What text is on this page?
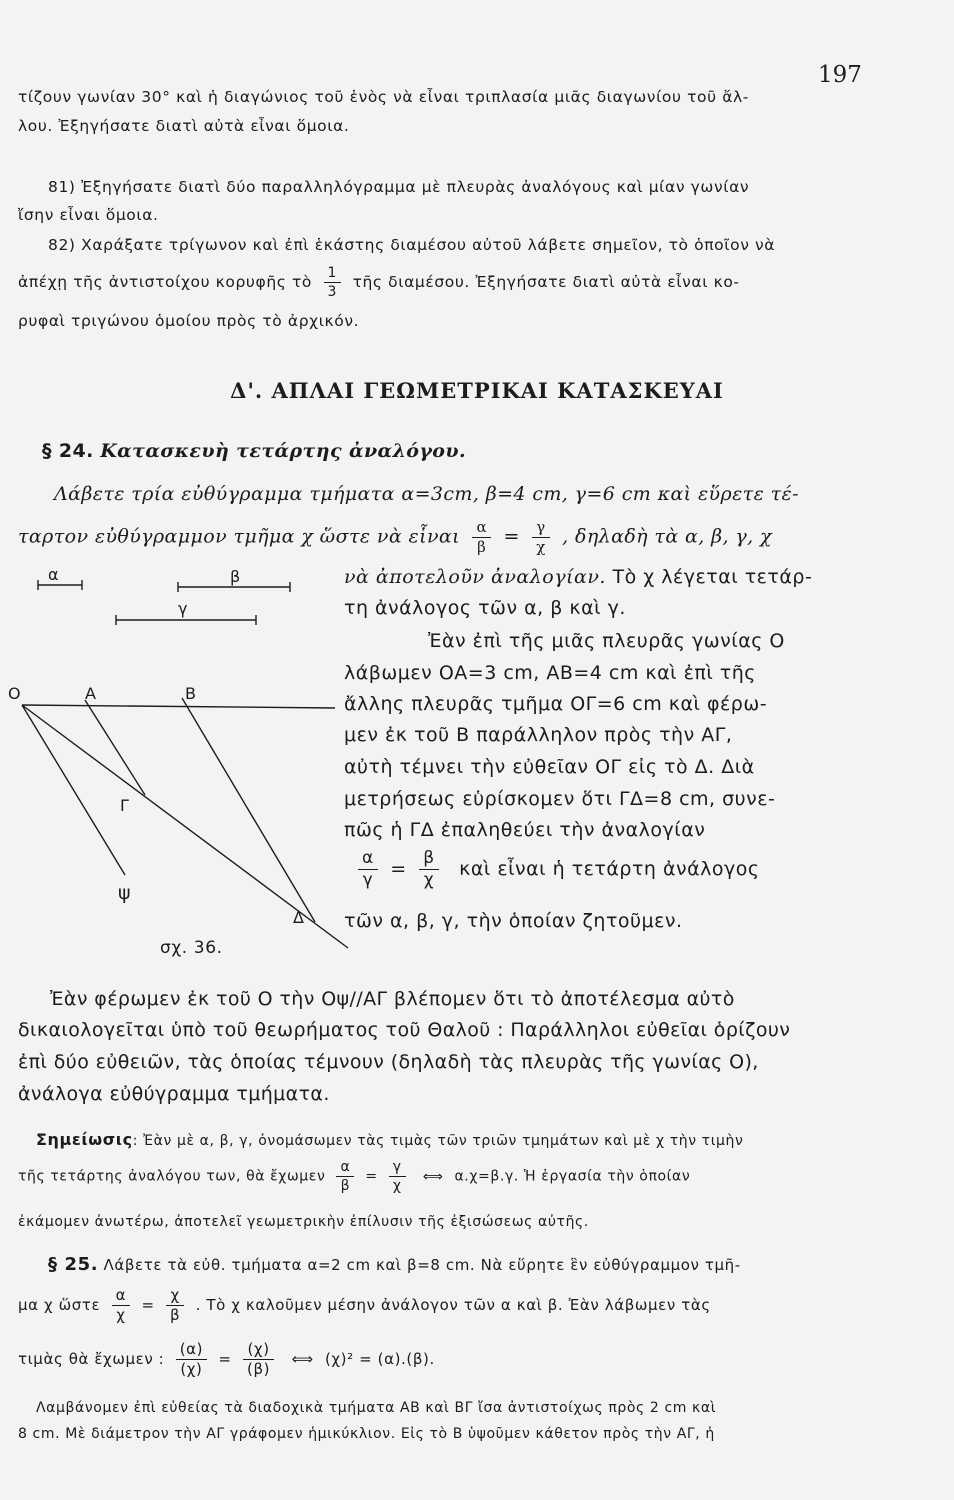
197
τίζουν γωνίαν 30° καὶ ἡ διαγώνιος τοῦ ἑνὸς νὰ εἶναι τριπλασία μιᾶς διαγωνίου τοῦ ἄλ-
λου. Ἐξηγήσατε διατὶ αὐτὰ εἶναι ὅμοια.
81) Ἐξηγήσατε διατὶ δύο παραλληλόγραμμα μὲ πλευρὰς ἀναλόγους καὶ μίαν γωνίαν
ἴσην εἶναι ὅμοια.
82) Χαράξατε τρίγωνον καὶ ἐπὶ ἑκάστης διαμέσου αὐτοῦ λάβετε σημεῖον, τὸ ὁποῖον νὰ
ἀπέχῃ τῆς ἀντιστοίχου κορυφῆς τὸ $\frac{1}{3}$ τῆς διαμέσου. Ἐξηγήσατε διατὶ αὐτὰ εἶναι κο-
ρυφαὶ τριγώνου ὁμοίου πρὸς τὸ ἀρχικόν.
Δ'. ΑΠΛΑΙ ΓΕΩΜΕΤΡΙΚΑΙ ΚΑΤΑΣΚΕΥΑΙ
§ 24. Κατασκευὴ τετάρτης ἀναλόγου.
Λάβετε τρία εὐθύγραμμα τμήματα α=3cm, β=4 cm, γ=6 cm καὶ εὕρετε τέ-
ταρτον εὐθύγραμμον τμῆμα χ ὥστε νὰ εἶναι $\frac{\alpha}{\beta} = \frac{\gamma}{\chi}$ , δηλαδὴ τὰ α, β, γ, χ
νὰ ἀποτελοῦν ἀναλογίαν. Τὸ χ λέγεται τετάρ-
τη ἀνάλογος τῶν α, β καὶ γ.
Ἐὰν ἐπὶ τῆς μιᾶς πλευρᾶς γωνίας Ο
λάβωμεν ΟΑ=3 cm, ΑΒ=4 cm καὶ ἐπὶ τῆς
ἄλλης πλευρᾶς τμῆμα ΟΓ=6 cm καὶ φέρω-
μεν ἐκ τοῦ Β παράλληλον πρὸς τὴν ΑΓ,
αὐτὴ τέμνει τὴν εὐθεῖαν ΟΓ εἰς τὸ Δ. Διὰ
μετρήσεως εὑρίσκομεν ὅτι ΓΔ=8 cm, συνε-
πῶς ἡ ΓΔ ἐπαληθεύει τὴν ἀναλογίαν
$\frac{\alpha}{\gamma} = \frac{\beta}{\chi}$ καὶ εἶναι ἡ τετάρτη ἀνάλογος
τῶν α, β, γ, τὴν ὁποίαν ζητοῦμεν.
α	β
γ
Ο	Α	Β
Γ
Δ
ψ
σχ. 36.
Ἐὰν φέρωμεν ἐκ τοῦ Ο τὴν Οψ//ΑΓ βλέπομεν ὅτι τὸ ἀποτέλεσμα αὐτὸ
δικαιολογεῖται ὑπὸ τοῦ θεωρήματος τοῦ Θαλοῦ : Παράλληλοι εὐθεῖαι ὁρίζουν
ἐπὶ δύο εὐθειῶν, τὰς ὁποίας τέμνουν (δηλαδὴ τὰς πλευρὰς τῆς γωνίας Ο),
ἀνάλογα εὐθύγραμμα τμήματα.
Σημείωσις: Ἐὰν μὲ α, β, γ, ὀνομάσωμεν τὰς τιμὰς τῶν τριῶν τμημάτων καὶ μὲ χ τὴν τιμὴν
τῆς τετάρτης ἀναλόγου των, θὰ ἔχωμεν $\frac{\alpha}{\beta} = \frac{\gamma}{\chi}$ ⟺ α.χ=β.γ. Ἡ ἐργασία τὴν ὁποίαν
ἐκάμομεν ἀνωτέρω, ἀποτελεῖ γεωμετρικὴν ἐπίλυσιν τῆς ἐξισώσεως αὐτῆς.
§ 25. Λάβετε τὰ εὐθ. τμήματα α=2 cm καὶ β=8 cm. Νὰ εὕρητε ἓν εὐθύγραμμον τμῆ-
μα χ ὥστε $\frac{\alpha}{\chi} = \frac{\chi}{\beta}$ . Τὸ χ καλοῦμεν μέσην ἀνάλογον τῶν α καὶ β. Ἐὰν λάβωμεν τὰς
τιμὰς θὰ ἔχωμεν : $\frac{(\alpha)}{(\chi)} = \frac{(\chi)}{(\beta)}$ ⟺ (χ)² = (α).(β).
Λαμβάνομεν ἐπὶ εὐθείας τὰ διαδοχικὰ τμήματα ΑΒ καὶ ΒΓ ἴσα ἀντιστοίχως πρὸς 2 cm καὶ
8 cm. Μὲ διάμετρον τὴν ΑΓ γράφομεν ἡμικύκλιον. Εἰς τὸ Β ὑψοῦμεν κάθετον πρὸς τὴν ΑΓ, ἡ
